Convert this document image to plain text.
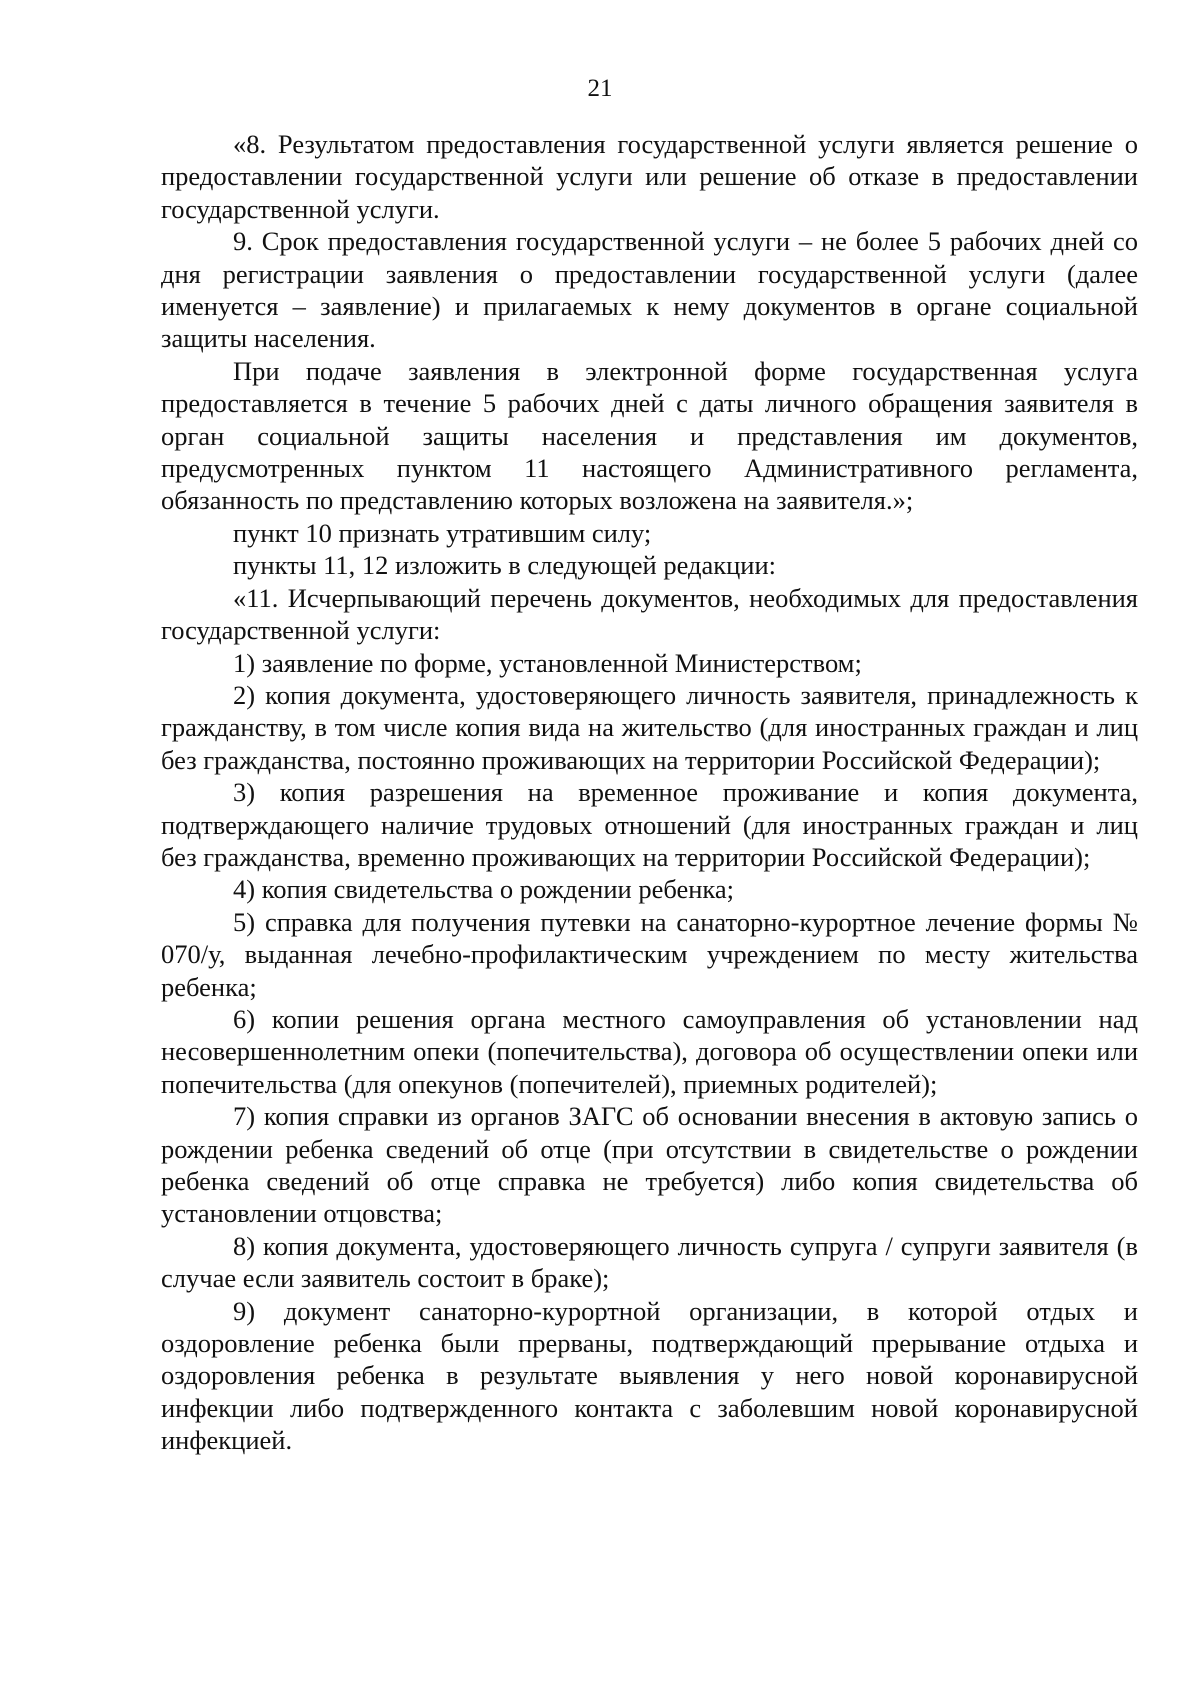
21

«8. Результатом предоставления государственной услуги является решение о предоставлении государственной услуги или решение об отказе в предоставлении государственной услуги.

9. Срок предоставления государственной услуги – не более 5 рабочих дней со дня регистрации заявления о предоставлении государственной услуги (далее именуется – заявление) и прилагаемых к нему документов в органе социальной защиты населения.

При подаче заявления в электронной форме государственная услуга предоставляется в течение 5 рабочих дней с даты личного обращения заявителя в орган социальной защиты населения и представления им документов, предусмотренных пунктом 11 настоящего Административного регламента, обязанность по представлению которых возложена на заявителя.»;

пункт 10 признать утратившим силу;

пункты 11, 12 изложить в следующей редакции:

«11. Исчерпывающий перечень документов, необходимых для предоставления государственной услуги:

1) заявление по форме, установленной Министерством;

2) копия документа, удостоверяющего личность заявителя, принадлежность к гражданству, в том числе копия вида на жительство (для иностранных граждан и лиц без гражданства, постоянно проживающих на территории Российской Федерации);

3) копия разрешения на временное проживание и копия документа, подтверждающего наличие трудовых отношений (для иностранных граждан и лиц без гражданства, временно проживающих на территории Российской Федерации);

4) копия свидетельства о рождении ребенка;

5) справка для получения путевки на санаторно-курортное лечение формы № 070/у, выданная лечебно-профилактическим учреждением по месту жительства ребенка;

6) копии решения органа местного самоуправления об установлении над несовершеннолетним опеки (попечительства), договора об осуществлении опеки или попечительства (для опекунов (попечителей), приемных родителей);

7) копия справки из органов ЗАГС об основании внесения в актовую запись о рождении ребенка сведений об отце (при отсутствии в свидетельстве о рождении ребенка сведений об отце справка не требуется) либо копия свидетельства об установлении отцовства;

8) копия документа, удостоверяющего личность супруга / супруги заявителя (в случае если заявитель состоит в браке);

9) документ санаторно-курортной организации, в которой отдых и оздоровление ребенка были прерваны, подтверждающий прерывание отдыха и оздоровления ребенка в результате выявления у него новой коронавирусной инфекции либо подтвержденного контакта с заболевшим новой коронавирусной инфекцией.
